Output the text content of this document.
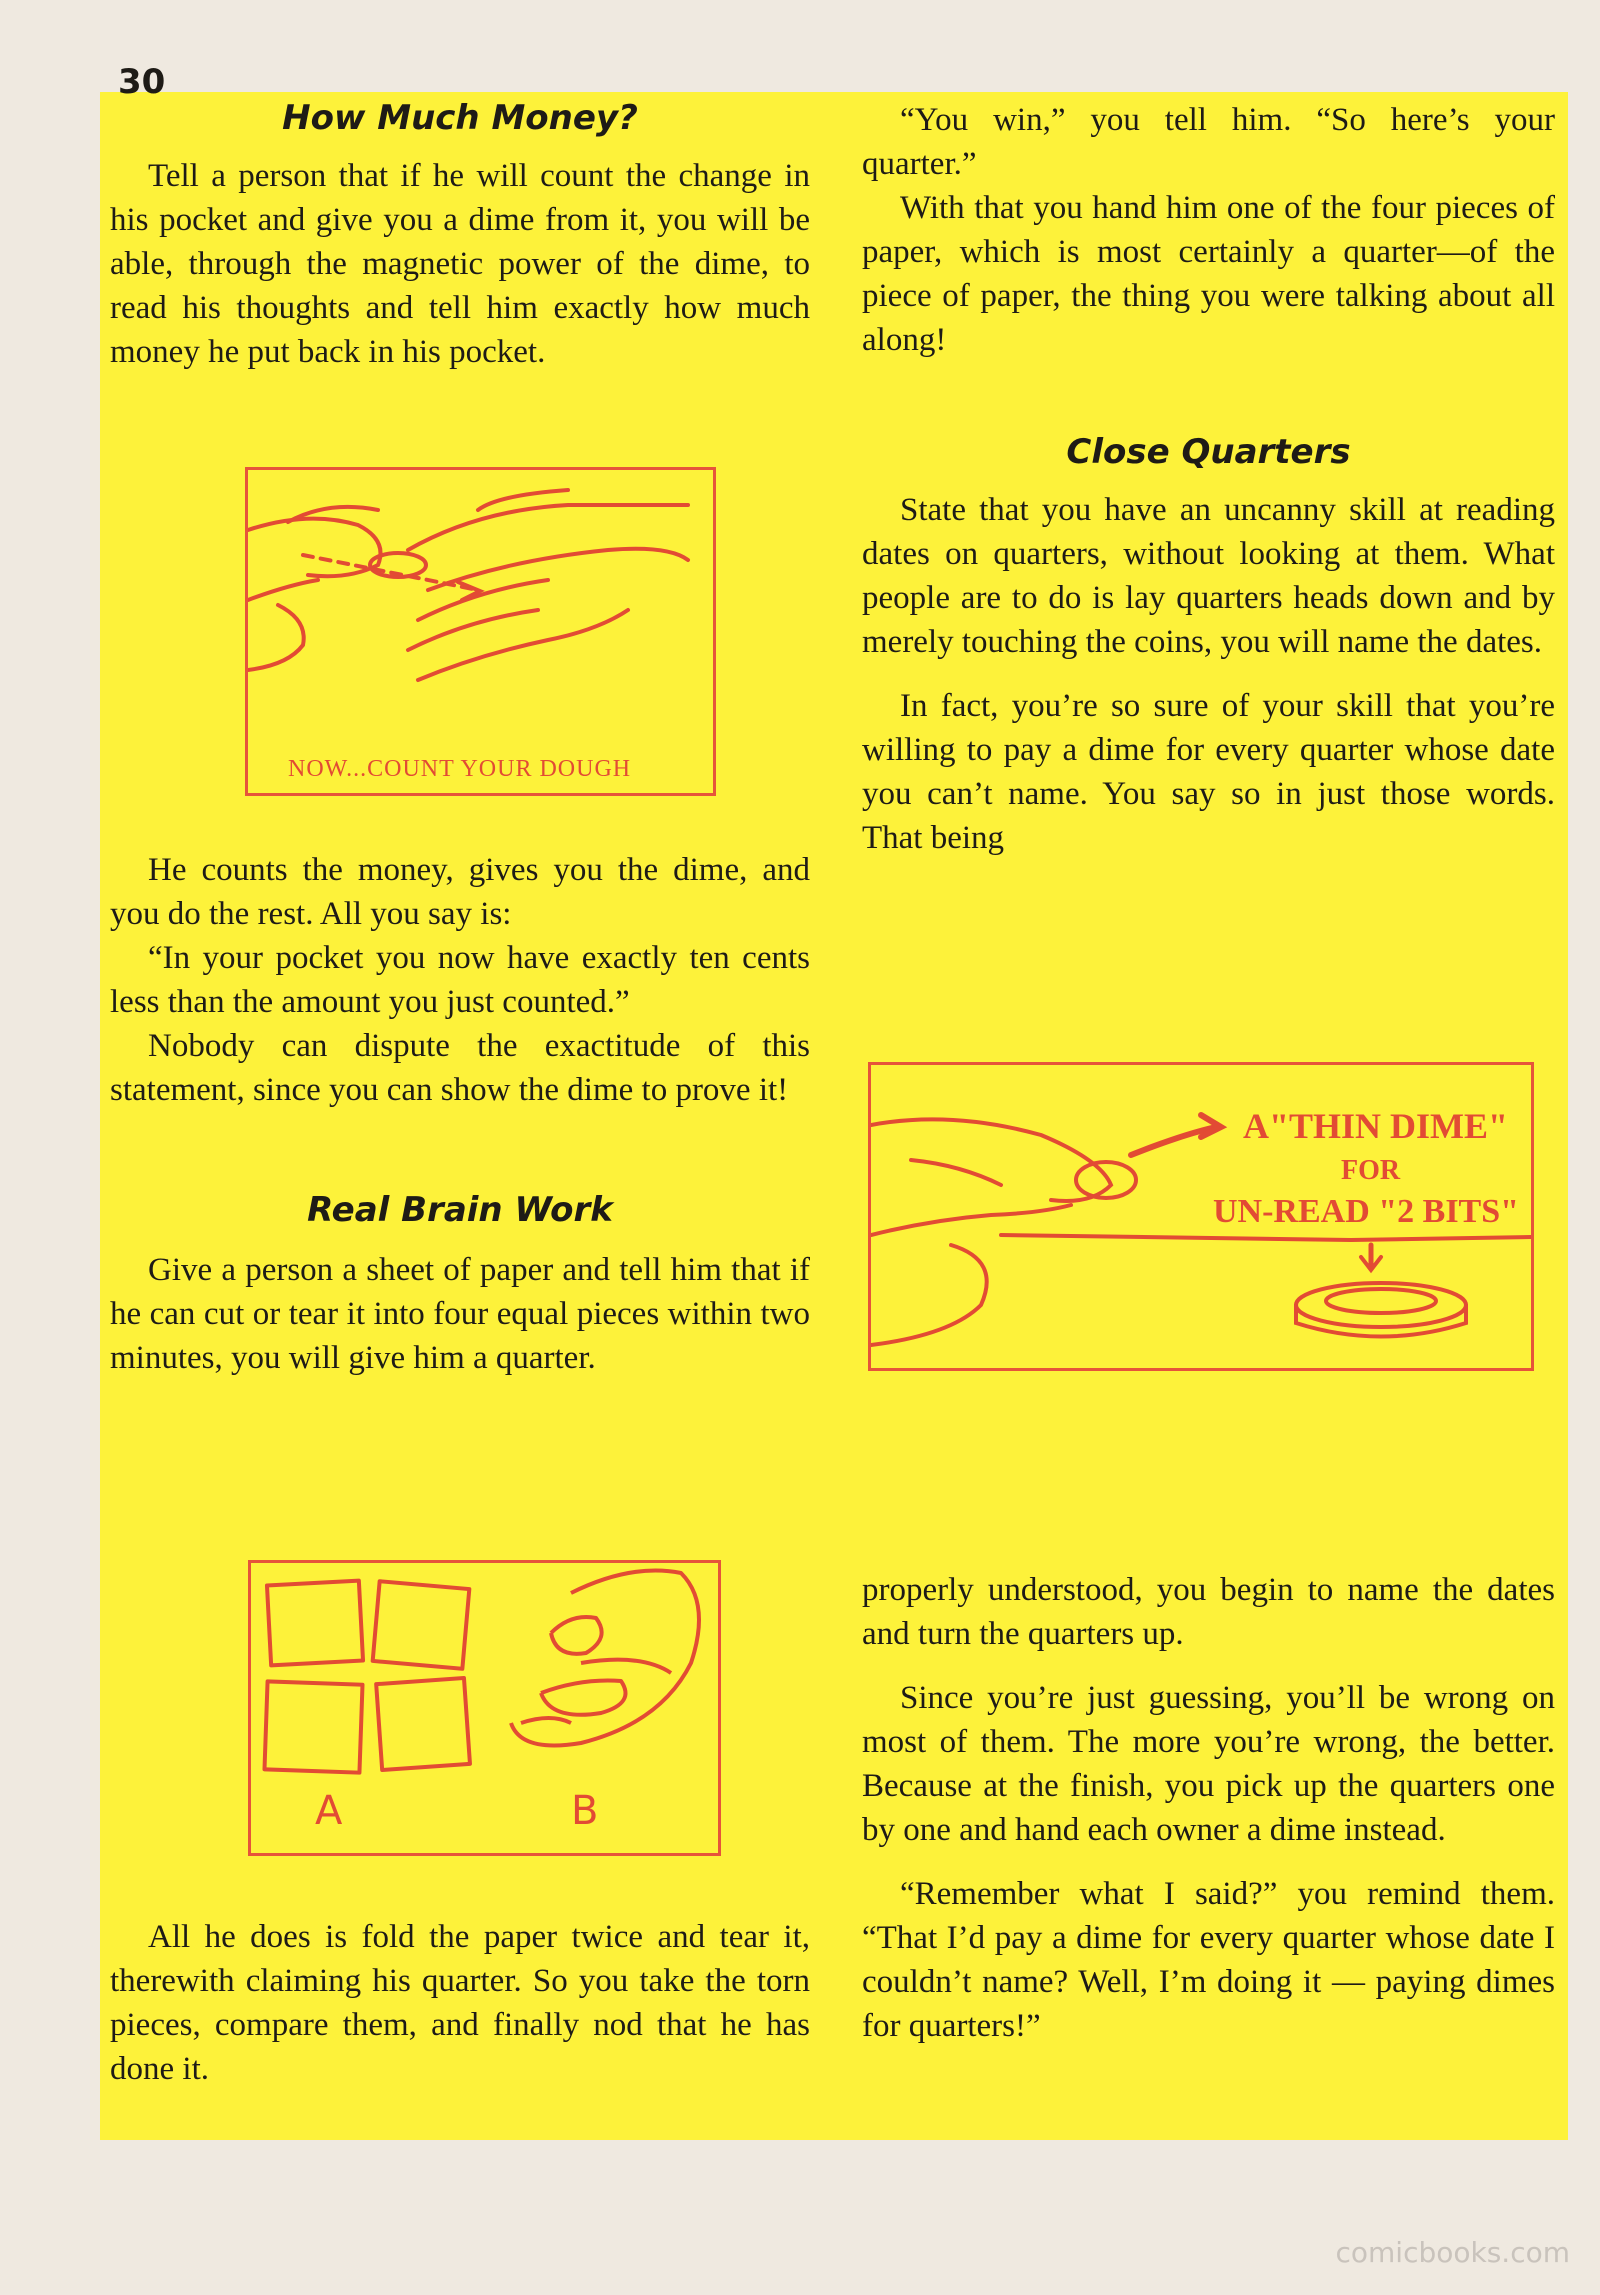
30
How Much Money?

Tell a person that if he will count the change in his pocket and give you a dime from it, you will be able, through the magnetic power of the dime, to read his thoughts and tell him exactly how much money he put back in his pocket.

NOW...COUNT YOUR DOUGH

He counts the money, gives you the dime, and you do the rest. All you say is:

“In your pocket you now have exactly ten cents less than the amount you just counted.”

Nobody can dispute the exactitude of this statement, since you can show the dime to prove it!

Real Brain Work

Give a person a sheet of paper and tell him that if he can cut or tear it into four equal pieces within two minutes, you will give him a quarter.

A	B

All he does is fold the paper twice and tear it, therewith claiming his quarter. So you take the torn pieces, compare them, and finally nod that he has done it.

“You win,” you tell him. “So here’s your quarter.”

With that you hand him one of the four pieces of paper, which is most certainly a quarter—of the piece of paper, the thing you were talking about all along!

Close Quarters

State that you have an uncanny skill at reading dates on quarters, without looking at them. What people are to do is lay quarters heads down and by merely touching the coins, you will name the dates.

In fact, you’re so sure of your skill that you’re willing to pay a dime for every quarter whose date you can’t name. You say so in just those words. That being

A"THIN DIME"
FOR
UN-READ "2 BITS"

properly understood, you begin to name the dates and turn the quarters up.

Since you’re just guessing, you’ll be wrong on most of them. The more you’re wrong, the better. Because at the finish, you pick up the quarters one by one and hand each owner a dime instead.

“Remember what I said?” you remind them. “That I’d pay a dime for every quarter whose date I couldn’t name? Well, I’m doing it — paying dimes for quarters!”

comicbooks.com
